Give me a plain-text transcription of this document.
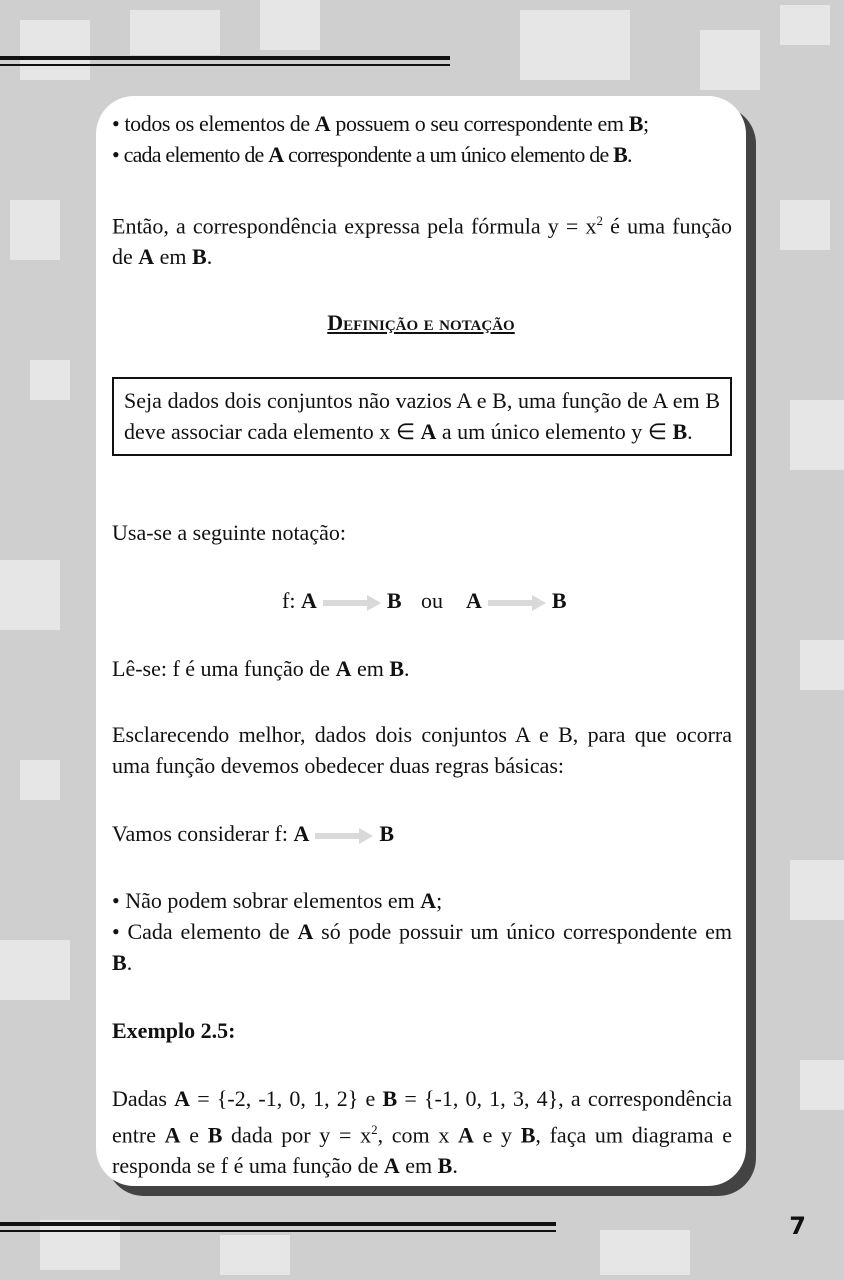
• todos os elementos de A possuem o seu correspondente em B;

• cada elemento de A correspondente a um único elemento de B.

Então, a correspondência expressa pela fórmula $y = x^2$ é uma função de A em B.

Definição e notação
Seja dados dois conjuntos não vazios A e B, uma função de A em B deve associar cada elemento x ∈ A a um único elemento y ∈ B.
Usa-se a seguinte notação:
f: A	B ou A	B
Lê-se: f é uma função de A em B.
Esclarecendo melhor, dados dois conjuntos A e B, para que ocorra uma função devemos obedecer duas regras básicas:
Vamos considerar f: A	B

• Não podem sobrar elementos em A;

• Cada elemento de A só pode possuir um único correspondente em B.

Exemplo 2.5:
Dadas A = {-2, -1, 0, 1, 2} e B = {-1, 0, 1, 3, 4}, a correspondência entre A e B dada por $y = x^2$, com x A e y B, faça um diagrama e responda se f é uma função de A em B.
7
